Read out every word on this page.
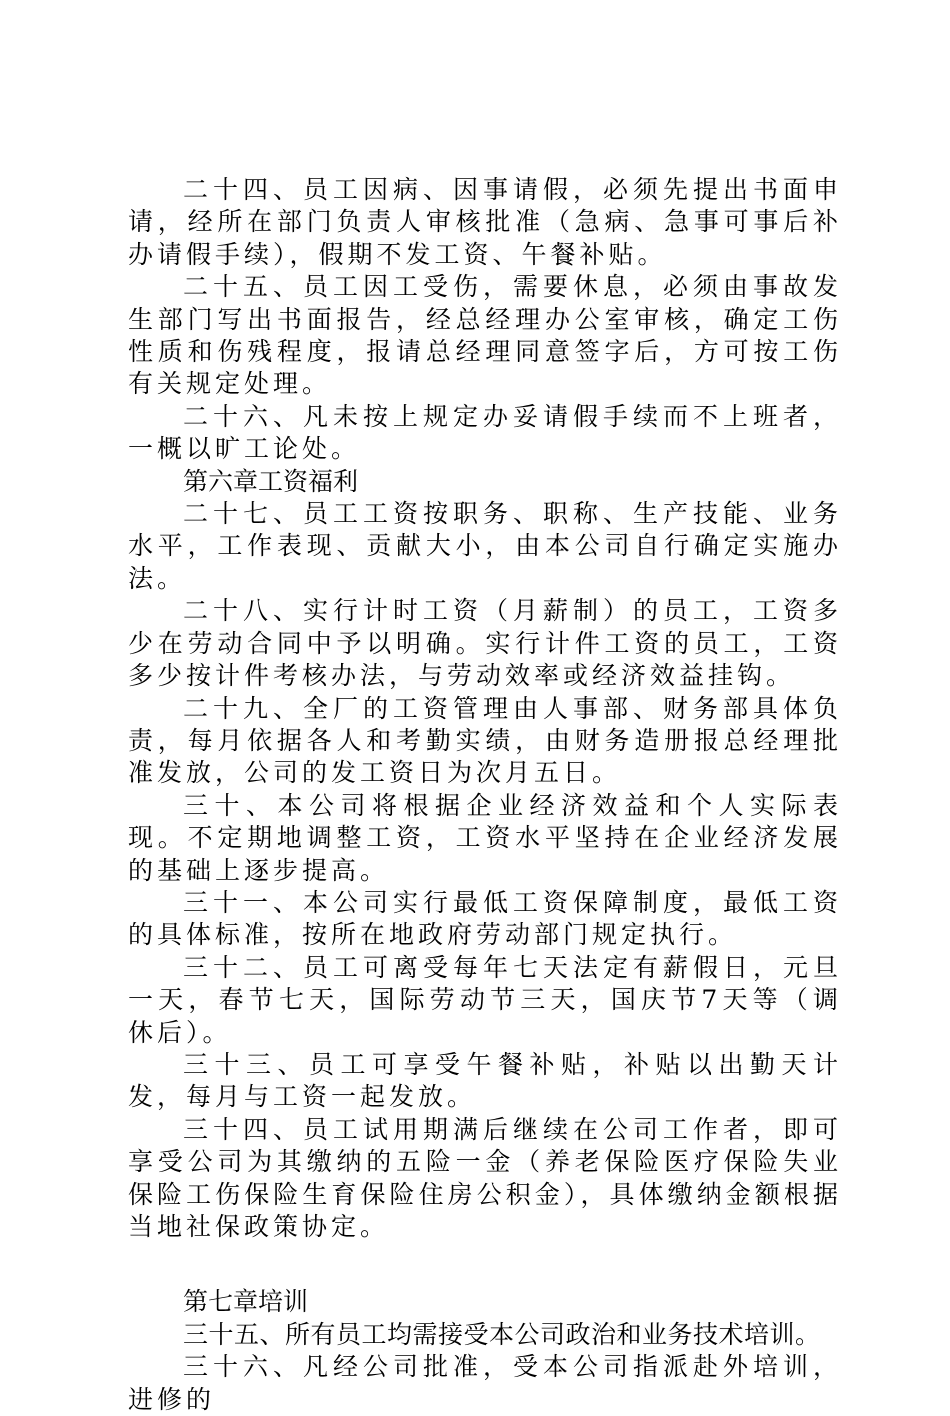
二十四、员工因病、因事请假，必须先提出书面申请，经所在部门负责人审核批准（急病、急事可事后补办请假手续），假期不发工资、午餐补贴。

二十五、员工因工受伤，需要休息，必须由事故发生部门写出书面报告，经总经理办公室审核，确定工伤性质和伤残程度，报请总经理同意签字后，方可按工伤有关规定处理。

二十六、凡未按上规定办妥请假手续而不上班者，一概以旷工论处。

第六章工资福利

二十七、员工工资按职务、职称、生产技能、业务水平，工作表现、贡献大小，由本公司自行确定实施办法。

二十八、实行计时工资（月薪制）的员工，工资多少在劳动合同中予以明确。实行计件工资的员工，工资多少按计件考核办法，与劳动效率或经济效益挂钩。

二十九、全厂的工资管理由人事部、财务部具体负责，每月依据各人和考勤实绩，由财务造册报总经理批准发放，公司的发工资日为次月五日。

三十、本公司将根据企业经济效益和个人实际表现。不定期地调整工资，工资水平坚持在企业经济发展的基础上逐步提高。

三十一、本公司实行最低工资保障制度，最低工资的具体标准，按所在地政府劳动部门规定执行。

三十二、员工可离受每年七天法定有薪假日，元旦一天，春节七天，国际劳动节三天，国庆节7天等（调休后）。

三十三、员工可享受午餐补贴，补贴以出勤天计发，每月与工资一起发放。

三十四、员工试用期满后继续在公司工作者，即可享受公司为其缴纳的五险一金（养老保险医疗保险失业保险工伤保险生育保险住房公积金），具体缴纳金额根据当地社保政策协定。

第七章培训

三十五、所有员工均需接受本公司政治和业务技术培训。

三十六、凡经公司批准，受本公司指派赴外培训，进修的
